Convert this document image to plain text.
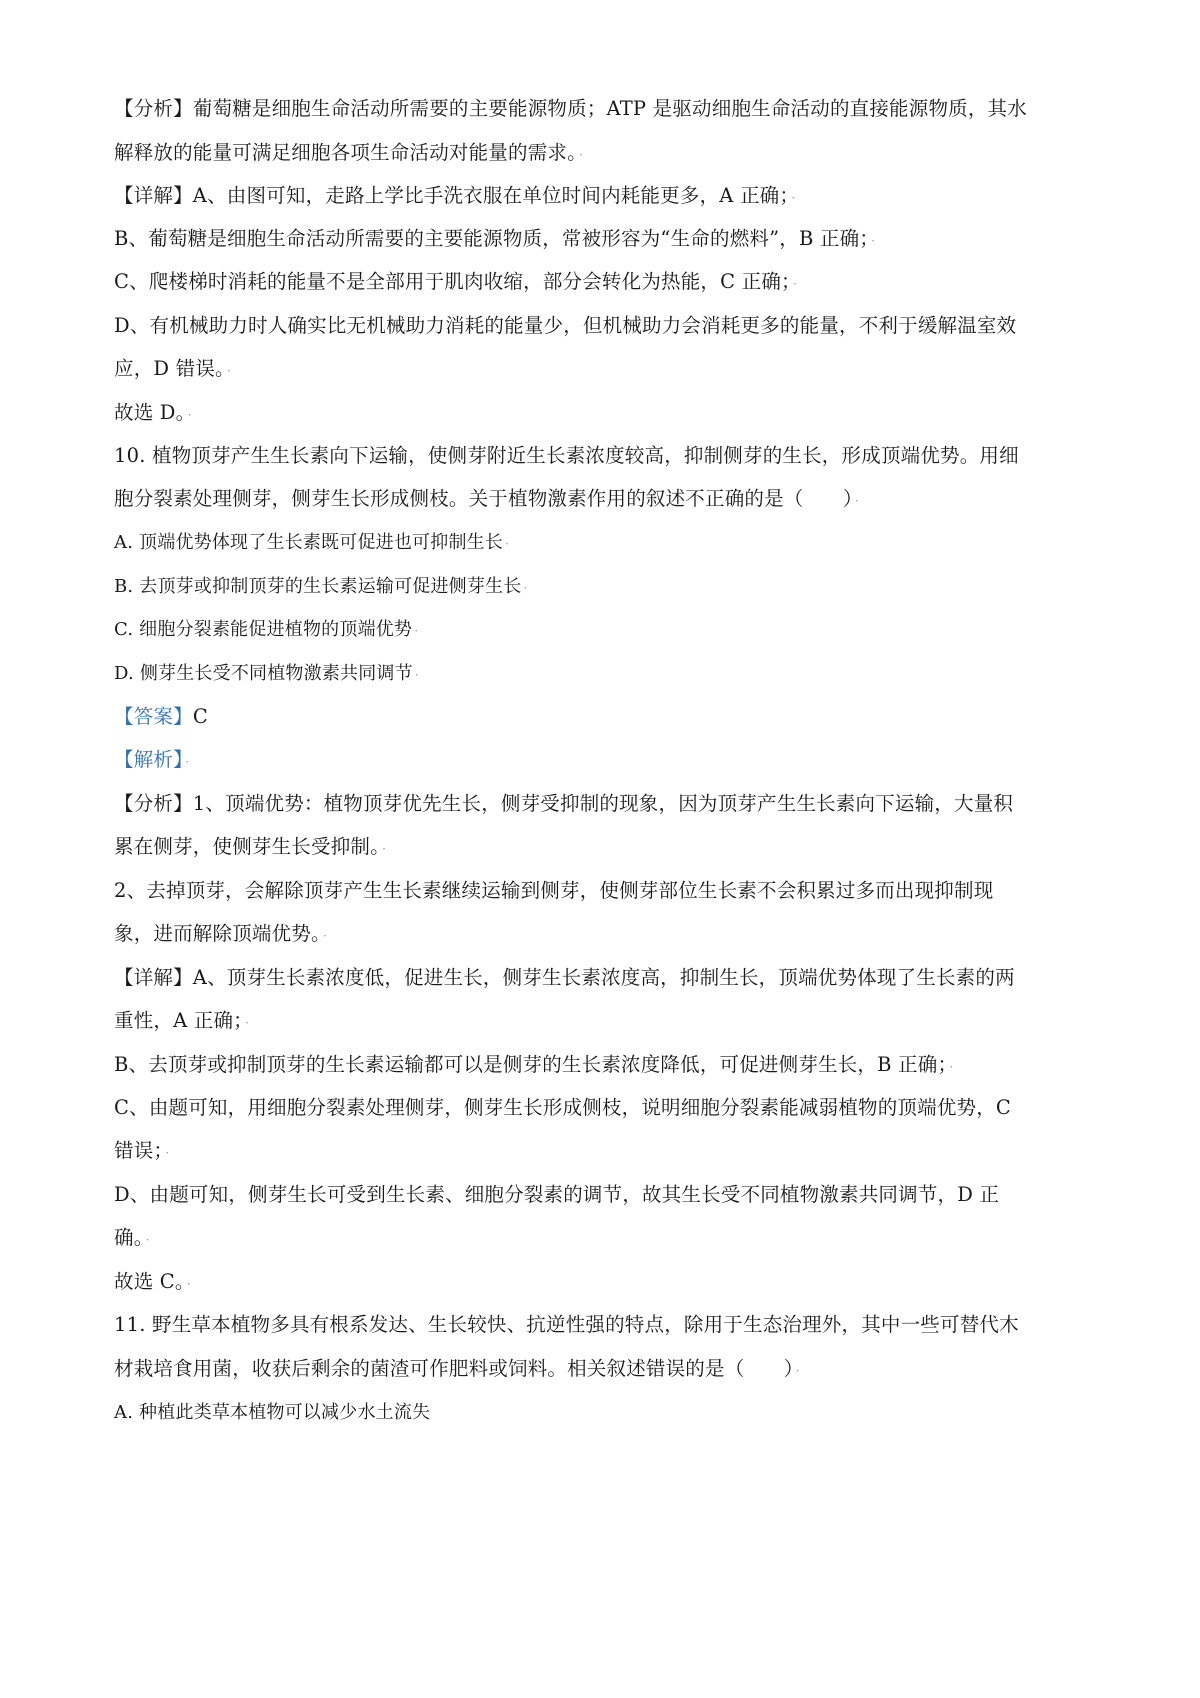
【分析】葡萄糖是细胞生命活动所需要的主要能源物质；ATP 是驱动细胞生命活动的直接能源物质，其水
解释放的能量可满足细胞各项生命活动对能量的需求。 ·
【详解】A、由图可知，走路上学比手洗衣服在单位时间内耗能更多，A 正确； ·
B、葡萄糖是细胞生命活动所需要的主要能源物质，常被形容为“生命的燃料”，B 正确； ·
C、爬楼梯时消耗的能量不是全部用于肌肉收缩，部分会转化为热能，C 正确； ·
D、有机械助力时人确实比无机械助力消耗的能量少，但机械助力会消耗更多的能量，不利于缓解温室效
应，D 错误。 ·
故选 D。 ·
10. 植物顶芽产生生长素向下运输，使侧芽附近生长素浓度较高，抑制侧芽的生长，形成顶端优势。用细
胞分裂素处理侧芽，侧芽生长形成侧枝。关于植物激素作用的叙述不正确的是（　　） ·
A. 顶端优势体现了生长素既可促进也可抑制生长 ·
B. 去顶芽或抑制顶芽的生长素运输可促进侧芽生长 ·
C. 细胞分裂素能促进植物的顶端优势 ·
D. 侧芽生长受不同植物激素共同调节 ·
【答案】C
【解析】 ·
【分析】1、顶端优势：植物顶芽优先生长，侧芽受抑制的现象，因为顶芽产生生长素向下运输，大量积
累在侧芽，使侧芽生长受抑制。 ·
2、去掉顶芽，会解除顶芽产生生长素继续运输到侧芽，使侧芽部位生长素不会积累过多而出现抑制现
象，进而解除顶端优势。 ·
【详解】A、顶芽生长素浓度低，促进生长，侧芽生长素浓度高，抑制生长，顶端优势体现了生长素的两
重性，A 正确； ·
B、去顶芽或抑制顶芽的生长素运输都可以是侧芽的生长素浓度降低，可促进侧芽生长，B 正确； ·
C、由题可知，用细胞分裂素处理侧芽，侧芽生长形成侧枝，说明细胞分裂素能减弱植物的顶端优势，C
错误； ·
D、由题可知，侧芽生长可受到生长素、细胞分裂素的调节，故其生长受不同植物激素共同调节，D 正
确。 ·
故选 C。 ·
11. 野生草本植物多具有根系发达、生长较快、抗逆性强的特点，除用于生态治理外，其中一些可替代木
材栽培食用菌，收获后剩余的菌渣可作肥料或饲料。相关叙述错误的是（　　） ·
A. 种植此类草本植物可以减少水土流失
